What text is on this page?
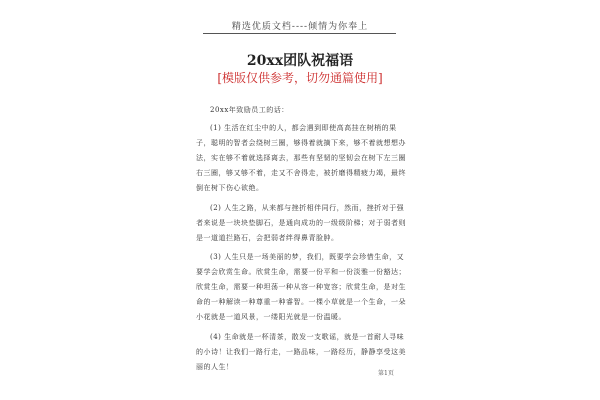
精选优质文档----倾情为你奉上
20xx团队祝福语
[模版仅供参考，切勿通篇使用]

20xx年致励员工的话：

(1) 生活在红尘中的人，都会遇到即使高高挂在树梢的果子，聪明的智者会绕树三圈，够得着就摘下来，够不着就想想办法，实在够不着就选择离去，那些有坚韧的坚韧会在树下左三圈右三圈，够又够不着，走又不舍得走，被折磨得精疲力竭，最终倒在树下伤心欲绝。

(2) 人生之路，从来都与挫折相伴同行，然而，挫折对于强者来说是一块块垫脚石，是通向成功的一级级阶梯；对于弱者则是一道道拦路石，会把弱者绊得鼻青脸肿。

(3) 人生只是一场美丽的梦，我们，既要学会珍惜生命，又要学会欣赏生命。欣赏生命，需要一份平和一份淡雅一份豁达；欣赏生命，需要一种坦荡一种从容一种宽容；欣赏生命，是对生命的一种解读一种尊重一种睿智。一棵小草就是一个生命，一朵小花就是一道风景，一缕阳光就是一份温暖。

(4) 生命就是一杯清茶，散发一支歌谣，就是一首耐人寻味的小诗！让我们一路行走，一路品味，一路经历，静静享受这美丽的人生！

第1页
